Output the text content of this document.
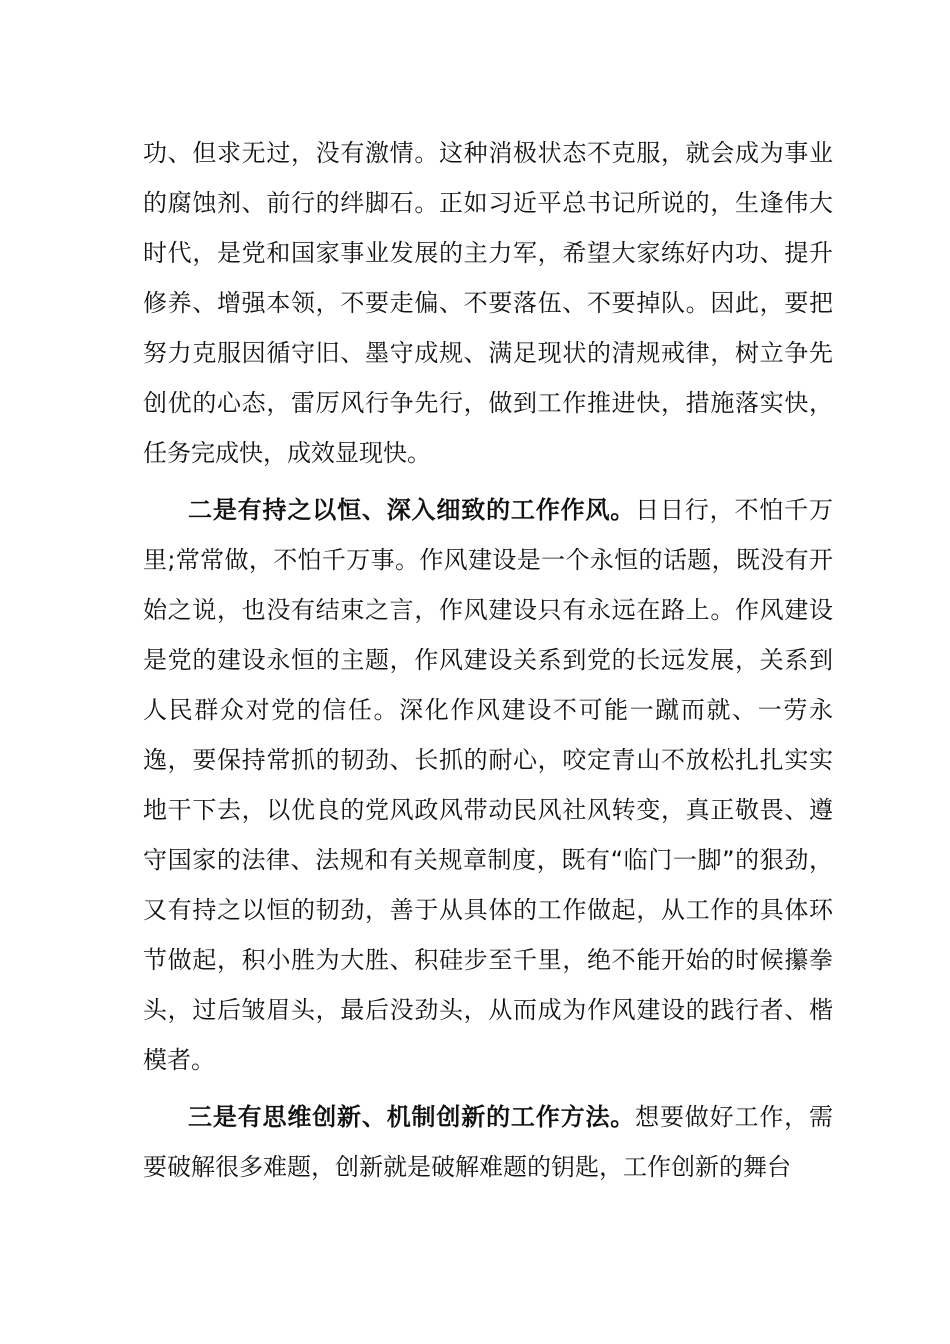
功、但求无过，没有激情。这种消极状态不克服，就会成为事业的腐蚀剂、前行的绊脚石。正如习近平总书记所说的，生逢伟大时代，是党和国家事业发展的主力军，希望大家练好内功、提升修养、增强本领，不要走偏、不要落伍、不要掉队。因此，要把努力克服因循守旧、墨守成规、满足现状的清规戒律，树立争先创优的心态，雷厉风行争先行，做到工作推进快，措施落实快，任务完成快，成效显现快。

二是有持之以恒、深入细致的工作作风。日日行，不怕千万里;常常做，不怕千万事。作风建设是一个永恒的话题，既没有开始之说，也没有结束之言，作风建设只有永远在路上。作风建设是党的建设永恒的主题，作风建设关系到党的长远发展，关系到人民群众对党的信任。深化作风建设不可能一蹴而就、一劳永逸，要保持常抓的韧劲、长抓的耐心，咬定青山不放松扎扎实实地干下去，以优良的党风政风带动民风社风转变，真正敬畏、遵守国家的法律、法规和有关规章制度，既有“临门一脚”的狠劲，又有持之以恒的韧劲，善于从具体的工作做起，从工作的具体环节做起，积小胜为大胜、积硅步至千里，绝不能开始的时候攥拳头，过后皱眉头，最后没劲头，从而成为作风建设的践行者、楷模者。

三是有思维创新、机制创新的工作方法。想要做好工作，需要破解很多难题，创新就是破解难题的钥匙，工作创新的舞台
